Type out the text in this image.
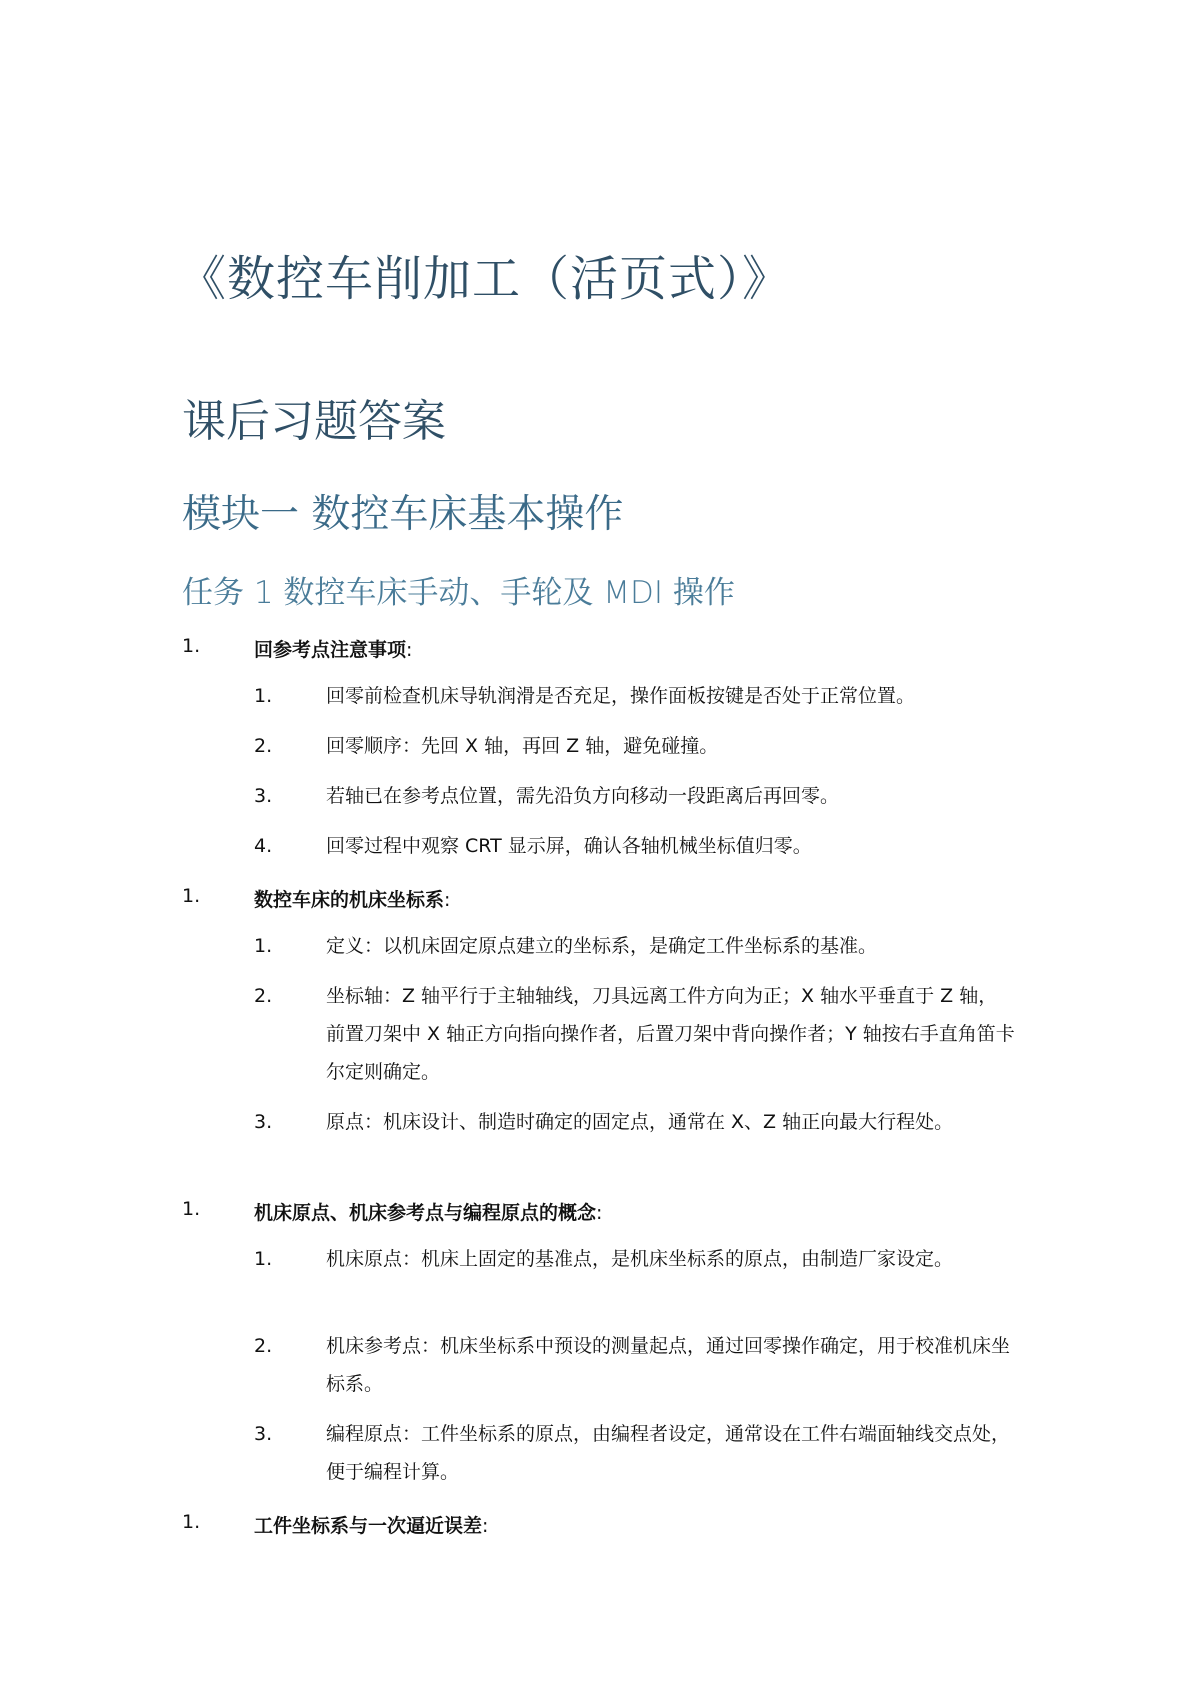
《数控车削加工（活页式）》
课后习题答案
模块一 数控车床基本操作
任务 1 数控车床手动、手轮及 MDI 操作
1.	回参考点注意事项:
1.	回零前检查机床导轨润滑是否充足，操作面板按键是否处于正常位置。
2.	回零顺序：先回 X 轴，再回 Z 轴，避免碰撞。
3.	若轴已在参考点位置，需先沿负方向移动一段距离后再回零。
4.	回零过程中观察 CRT 显示屏，确认各轴机械坐标值归零。
1.	数控车床的机床坐标系:
1.	定义：以机床固定原点建立的坐标系，是确定工件坐标系的基准。
2.	坐标轴：Z 轴平行于主轴轴线，刀具远离工件方向为正；X 轴水平垂直于 Z 轴，前置刀架中 X 轴正方向指向操作者，后置刀架中背向操作者；Y 轴按右手直角笛卡尔定则确定。
3.	原点：机床设计、制造时确定的固定点，通常在 X、Z 轴正向最大行程处。
1.	机床原点、机床参考点与编程原点的概念:
1.	机床原点：机床上固定的基准点，是机床坐标系的原点，由制造厂家设定。
2.	机床参考点：机床坐标系中预设的测量起点，通过回零操作确定，用于校准机床坐标系。
3.	编程原点：工件坐标系的原点，由编程者设定，通常设在工件右端面轴线交点处，便于编程计算。
1.	工件坐标系与一次逼近误差:
